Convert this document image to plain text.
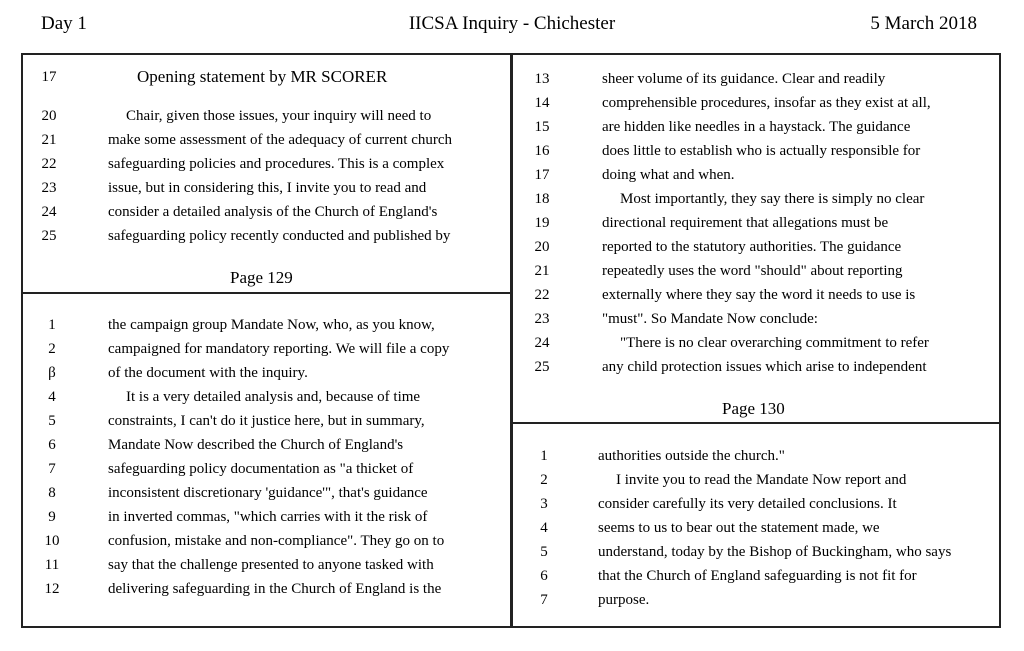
Day 1	IICSA Inquiry - Chichester	5 March 2018
17	Opening statement by MR SCORER
20	Chair, given those issues, your inquiry will need to
21	make some assessment of the adequacy of current church
22	safeguarding policies and procedures. This is a complex
23	issue, but in considering this, I invite you to read and
24	consider a detailed analysis of the Church of England's
25	safeguarding policy recently conducted and published by
Page 129
1	the campaign group Mandate Now, who, as you know,
2	campaigned for mandatory reporting. We will file a copy
β	of the document with the inquiry.
4	It is a very detailed analysis and, because of time
5	constraints, I can't do it justice here, but in summary,
6	Mandate Now described the Church of England's
7	safeguarding policy documentation as "a thicket of
8	inconsistent discretionary 'guidance'", that's guidance
9	in inverted commas, "which carries with it the risk of
10	confusion, mistake and non-compliance". They go on to
11	say that the challenge presented to anyone tasked with
12	delivering safeguarding in the Church of England is the
13	sheer volume of its guidance. Clear and readily
14	comprehensible procedures, insofar as they exist at all,
15	are hidden like needles in a haystack. The guidance
16	does little to establish who is actually responsible for
17	doing what and when.
18	Most importantly, they say there is simply no clear
19	directional requirement that allegations must be
20	reported to the statutory authorities. The guidance
21	repeatedly uses the word "should" about reporting
22	externally where they say the word it needs to use is
23	"must". So Mandate Now conclude:
24	"There is no clear overarching commitment to refer
25	any child protection issues which arise to independent
Page 130
1	authorities outside the church."
2	I invite you to read the Mandate Now report and
3	consider carefully its very detailed conclusions. It
4	seems to us to bear out the statement made, we
5	understand, today by the Bishop of Buckingham, who says
6	that the Church of England safeguarding is not fit for
7	purpose.
